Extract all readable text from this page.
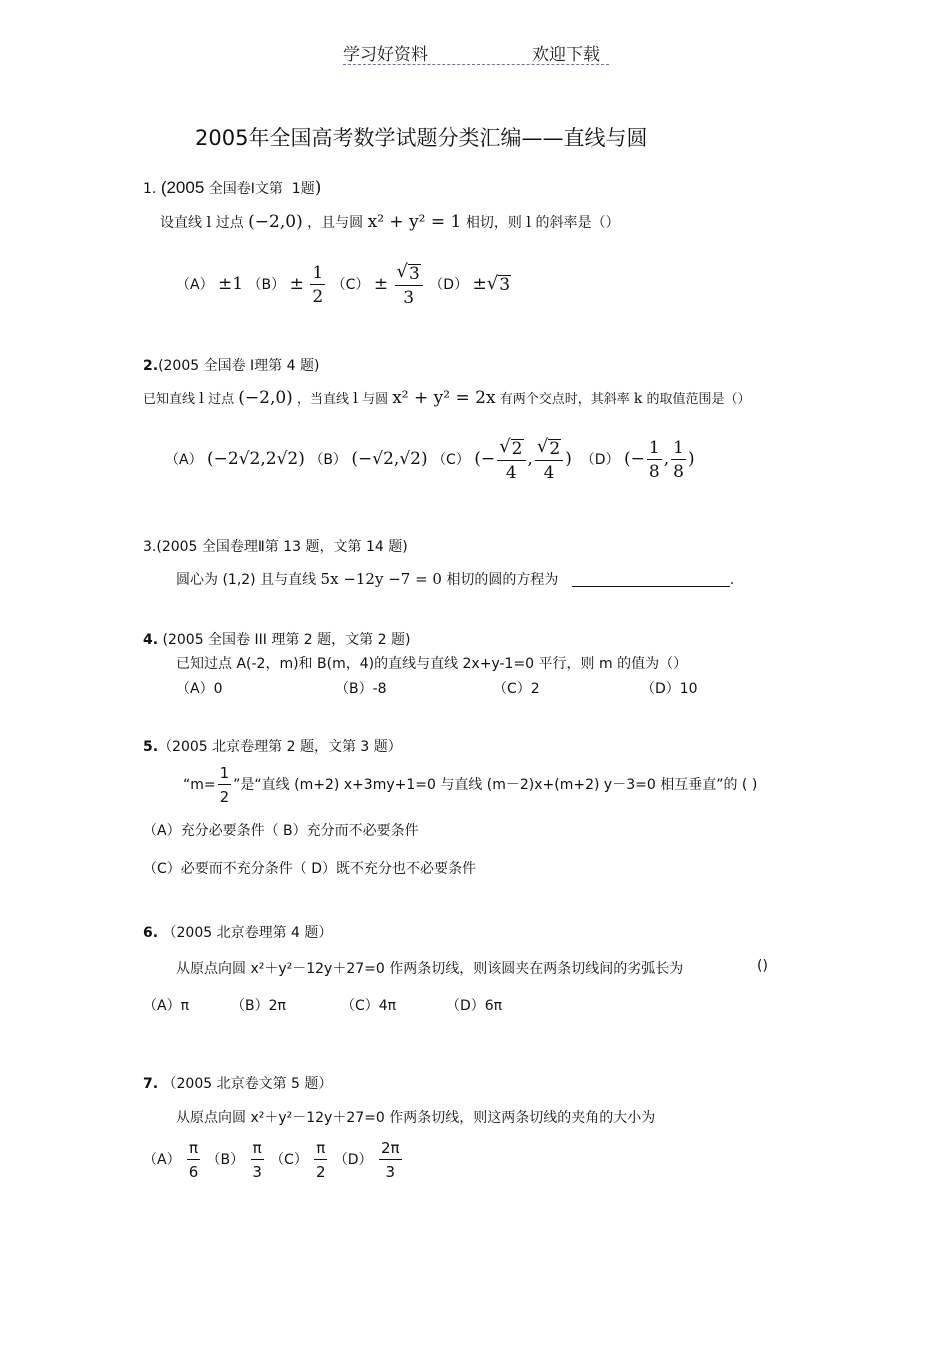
学习好资料	欢迎下载
2005年全国高考数学试题分类汇编——直线与圆
1. (2005 全国卷Ⅰ文第 1题)
设直线 l 过点 (−2,0) ，且与圆 x² + y² = 1 相切，则 l 的斜率是（）
（A） ±1 $(B) \pm \frac{1}{2} (C) \pm \frac{√ 3}{3} (D)$ ± √ 3
2.(2005 全国卷 Ⅰ理第 4 题)
已知直线 l 过点 (−2,0) ，当直线 l 与圆 x² + y² = 2x 有两个交点时，其斜率 k 的取值范围是（）
（A） (−2√2,2√2) （B） (−√2,√2) （C） (− $\frac{√ 2}{4}$ , $\frac{√ 2}{4}$ ) （D） (− $\frac{1}{8}$ , $\frac{1}{8}$ )
3.(2005 全国卷理Ⅱ第 13 题，文第 14 题)
圆心为 (1,2) 且与直线 5x −12y −7 = 0 相切的圆的方程为	.
4. (2005 全国卷 III 理第 2 题，文第 2 题)
已知过点 A(-2，m)和 B(m，4)的直线与直线 2x+y-1=0 平行，则 m 的值为（）
（A）0	（B）-8	（C）2	（D）10
5.（2005 北京卷理第 2 题，文第 3 题）
“$m= \frac{1}{2}$ ”是“直线 (m+2) x+3my+1=0 与直线 (m－2)x+(m+2) y－3=0 相互垂直”的 ( )
（A）充分必要条件（ B）充分而不必要条件
（C）必要而不充分条件（ D）既不充分也不必要条件
6. （2005 北京卷理第 4 题）
从原点向圆 x²＋y²－12y＋27=0 作两条切线，则该圆夹在两条切线间的劣弧长为	()
（A）π	（B）2π	（C）4π	（D）6π
7. （2005 北京卷文第 5 题）
从原点向圆 x²＋y²－12y＋27=0 作两条切线，则这两条切线的夹角的大小为
$(A) \frac{\pi}{6} (B) \frac{\pi}{3} (C) \frac{\pi}{2} (D) \frac{2\pi}{3}$
